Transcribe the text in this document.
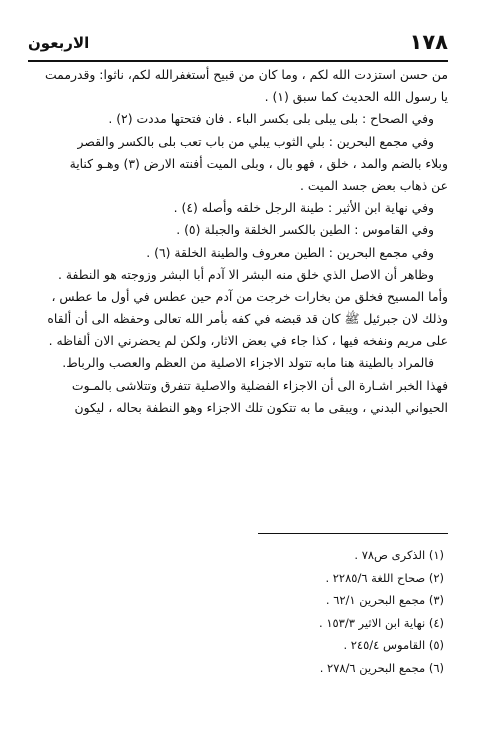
١٧٨
الاربعون
من حسن استزدت الله لكم ، وما كان من قبيح أستغفرالله لكم، ناثوا: وقدرممت
يا رسول الله الحديث كما سبق (١) .
وفي الصحاح : بلى يبلى بلى بكسر الباء . فان فتحتها مددت (٢) .
وفي مجمع البحرين : بلي الثوب يبلي من باب تعب بلى بالكسر والقصر
وبلاء بالضم والمد ، خلق ، فهو بال ، وبلى الميت أفنته الارض (٣) وهـو كناية
عن ذهاب بعض جسد الميت .
وفي نهاية ابن الأثير : طينة الرجل خلقه وأصله (٤) .
وفي القاموس : الطين بالكسر الخلقة والجبلة (٥) .
وفي مجمع البحرين : الطين معروف والطينة الخلقة (٦) .
وظاهر أن الاصل الذي خلق منه البشر الا آدم أبا البشر وزوجته هو النطفة .
وأما المسيح فخلق من بخارات خرجت من آدم حين عطس في أول ما عطس ،
وذلك لان جبرئيل ﷺ كان قد قبضه في كفه بأمر الله تعالى وحفظه الى أن ألقاه
على مريم ونفخه فيها ، كذا جاء في بعض الاثار، ولكن لم يحضرني الان ألفاظه .
فالمراد بالطينة هنا مابه تتولد الاجزاء الاصلية من العظم والعصب والرباط.
فهذا الخبر اشـارة الى أن الاجزاء الفضلية والاصلية تتفرق وتتلاشى بالمـوت
الحيواني البدني ، ويبقى ما به تتكون تلك الاجزاء وهو النطفة بحاله ، ليكون
(١) الذكرى ص٧٨ .
(٢) صحاح اللغة ٢٢٨٥/٦ .
(٣) مجمع البحرين ٦٢/١ .
(٤) نهاية ابن الاثير ١٥٣/٣ .
(٥) القاموس ٢٤٥/٤ .
(٦) مجمع البحرين ٢٧٨/٦ .
